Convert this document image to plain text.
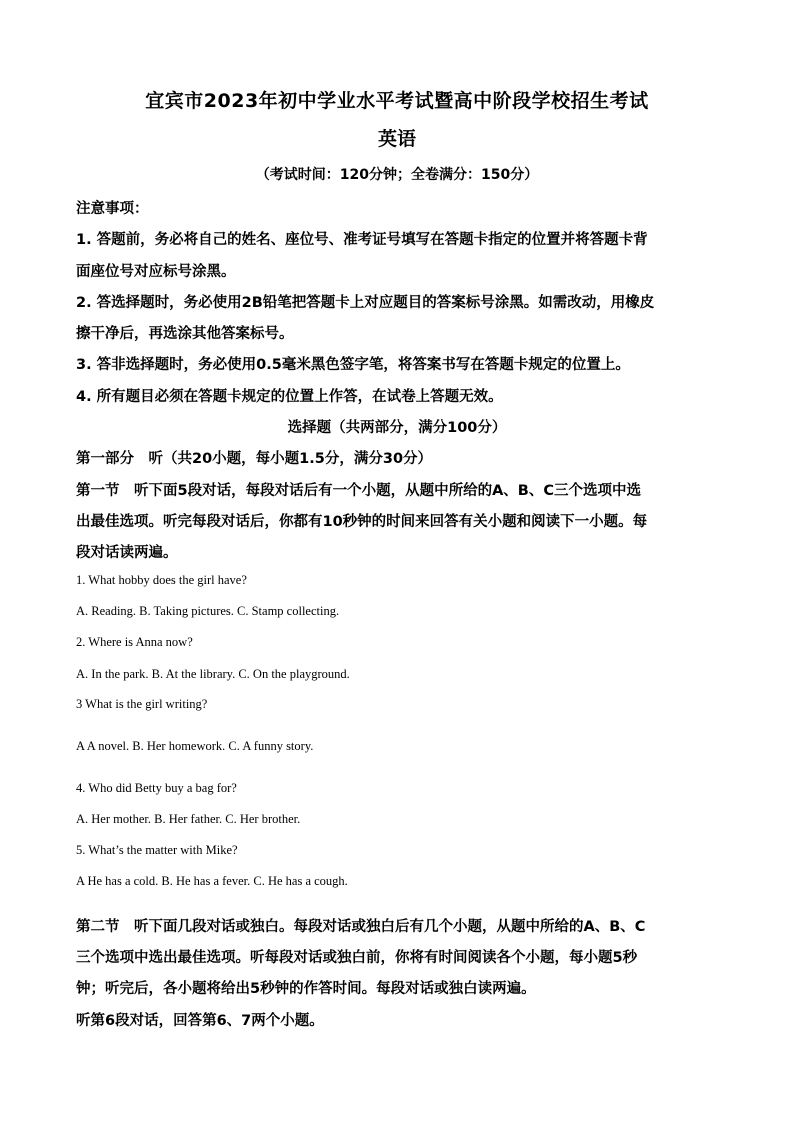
宜宾市2023年初中学业水平考试暨高中阶段学校招生考试
英语
（考试时间：120分钟；全卷满分：150分）
注意事项：
1. 答题前，务必将自己的姓名、座位号、准考证号填写在答题卡指定的位置并将答题卡背
面座位号对应标号涂黑。
2. 答选择题时，务必使用2B铅笔把答题卡上对应题目的答案标号涂黑。如需改动，用橡皮
擦干净后，再选涂其他答案标号。
3. 答非选择题时，务必使用0.5毫米黑色签字笔，将答案书写在答题卡规定的位置上。
4. 所有题目必须在答题卡规定的位置上作答，在试卷上答题无效。
选择题（共两部分，满分100分）
第一部分　听（共20小题，每小题1.5分，满分30分）
第一节　听下面5段对话，每段对话后有一个小题，从题中所给的A、B、C三个选项中选
出最佳选项。听完每段对话后，你都有10秒钟的时间来回答有关小题和阅读下一小题。每
段对话读两遍。
1. What hobby does the girl have?
A. Reading. B. Taking pictures. C. Stamp collecting.
2. Where is Anna now?
A. In the park. B. At the library. C. On the playground.
3 What is the girl writing?
A A novel. B. Her homework. C. A funny story.
4. Who did Betty buy a bag for?
A. Her mother. B. Her father. C. Her brother.
5. What’s the matter with Mike?
A He has a cold. B. He has a fever. C. He has a cough.
第二节　听下面几段对话或独白。每段对话或独白后有几个小题，从题中所给的A、B、C
三个选项中选出最佳选项。听每段对话或独白前，你将有时间阅读各个小题，每小题5秒
钟；听完后，各小题将给出5秒钟的作答时间。每段对话或独白读两遍。
听第6段对话，回答第6、7两个小题。
